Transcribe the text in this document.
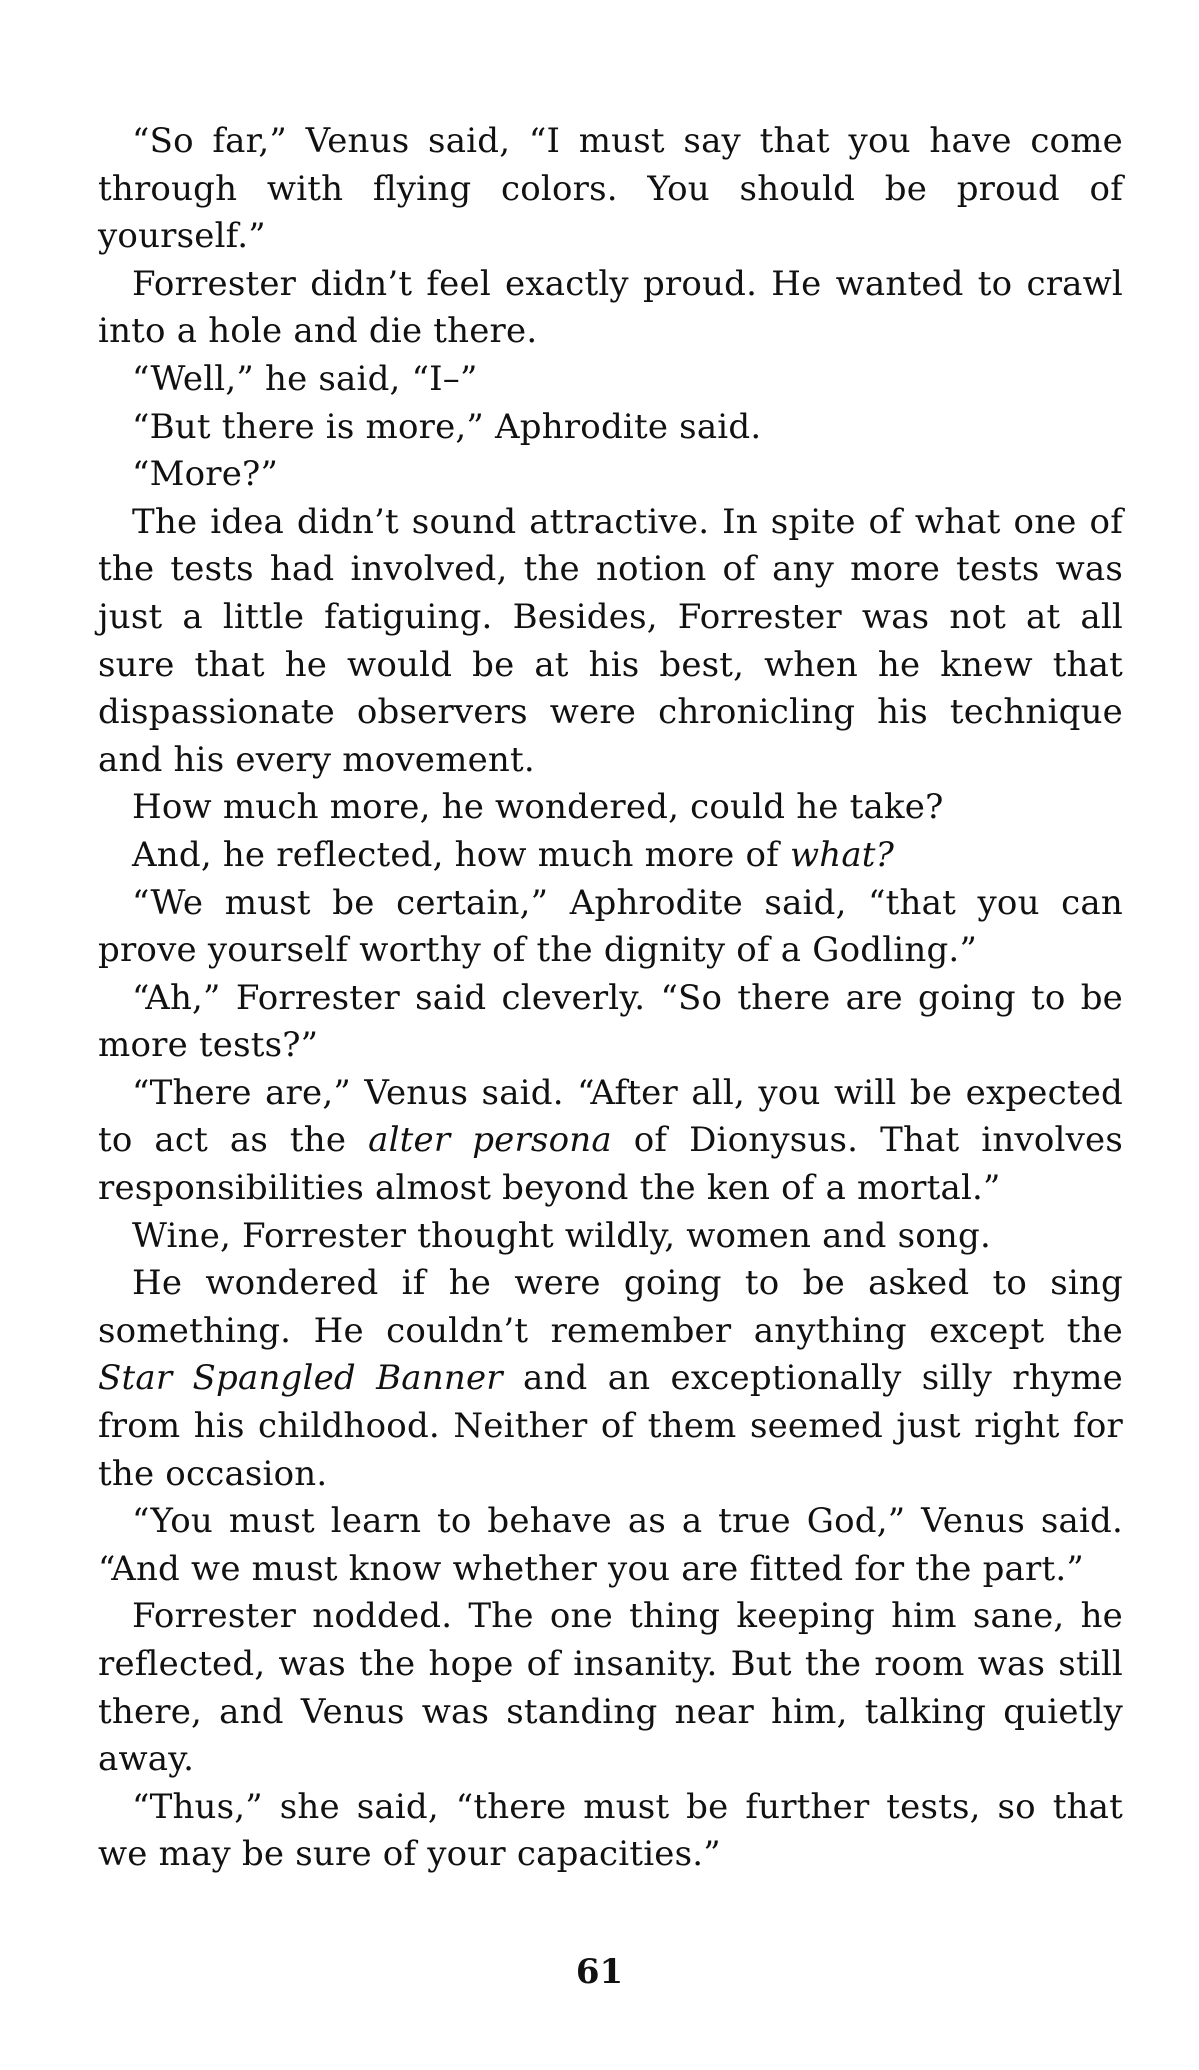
“So far,” Venus said, “I must say that you have come through with flying colors. You should be proud of yourself.”

Forrester didn’t feel exactly proud. He wanted to crawl into a hole and die there.

“Well,” he said, “I–”

“But there is more,” Aphrodite said.

“More?”

The idea didn’t sound attractive. In spite of what one of the tests had involved, the notion of any more tests was just a little fatiguing. Besides, Forrester was not at all sure that he would be at his best, when he knew that dispassionate observers were chronicling his technique and his every movement.

How much more, he wondered, could he take?

And, he reflected, how much more of what?

“We must be certain,” Aphrodite said, “that you can prove yourself worthy of the dignity of a Godling.”

“Ah,” Forrester said cleverly. “So there are going to be more tests?”

“There are,” Venus said. “After all, you will be expected to act as the alter persona of Dionysus. That involves responsibilities almost beyond the ken of a mortal.”

Wine, Forrester thought wildly, women and song.

He wondered if he were going to be asked to sing something. He couldn’t remember anything except the Star Spangled Banner and an exceptionally silly rhyme from his childhood. Neither of them seemed just right for the occasion.

“You must learn to behave as a true God,” Venus said. “And we must know whether you are fitted for the part.”

Forrester nodded. The one thing keeping him sane, he reflected, was the hope of insanity. But the room was still there, and Venus was standing near him, talking quietly away.

“Thus,” she said, “there must be further tests, so that we may be sure of your capacities.”

61
